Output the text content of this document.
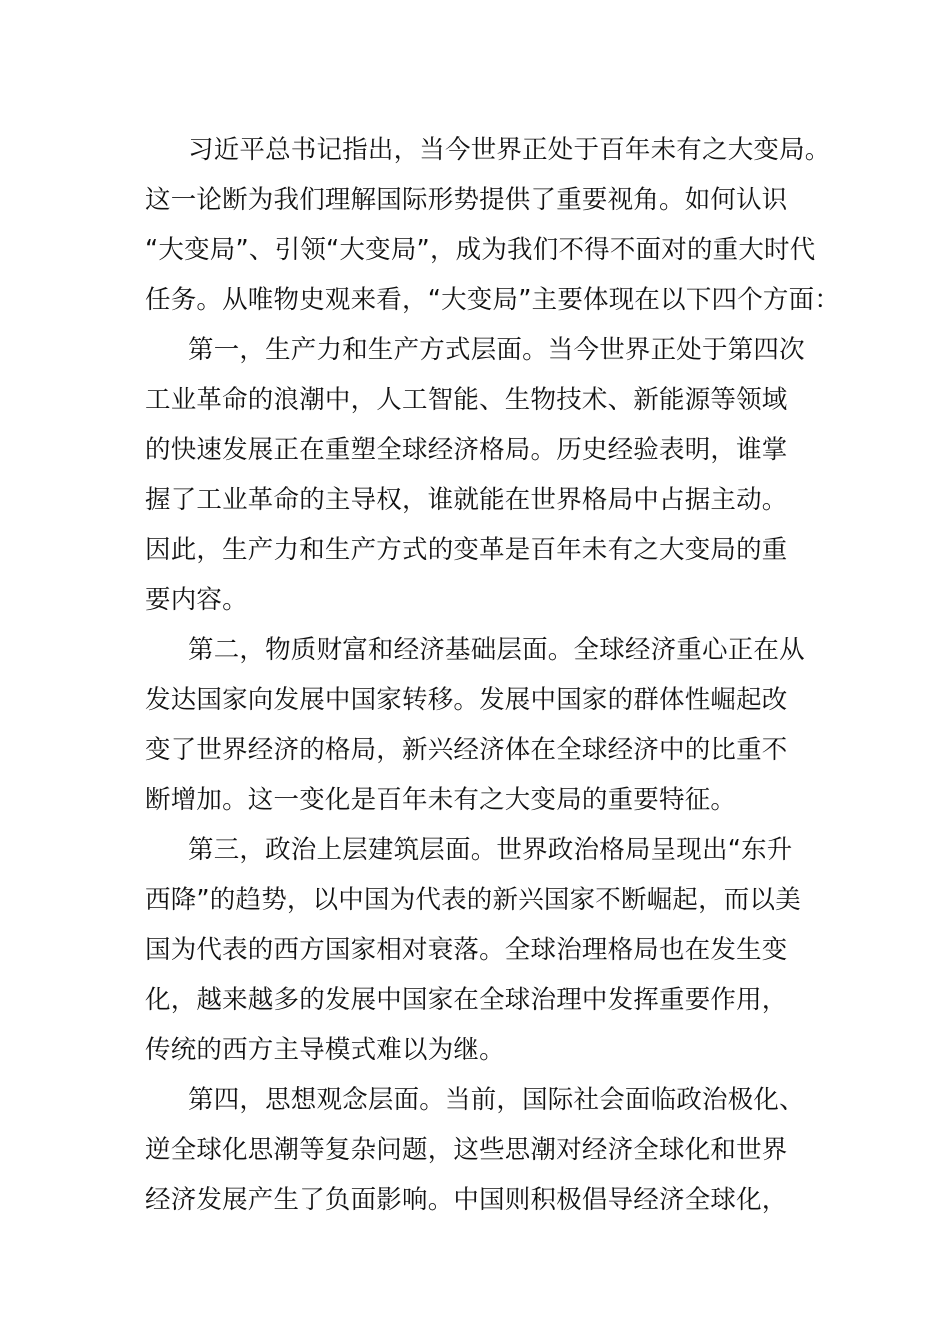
习近平总书记指出，当今世界正处于百年未有之大变局。
这一论断为我们理解国际形势提供了重要视角。如何认识
“大变局”、引领“大变局”，成为我们不得不面对的重大时代
任务。从唯物史观来看，“大变局”主要体现在以下四个方面：
第一，生产力和生产方式层面。当今世界正处于第四次
工业革命的浪潮中，人工智能、生物技术、新能源等领域
的快速发展正在重塑全球经济格局。历史经验表明，谁掌
握了工业革命的主导权，谁就能在世界格局中占据主动。
因此，生产力和生产方式的变革是百年未有之大变局的重
要内容。
第二，物质财富和经济基础层面。全球经济重心正在从
发达国家向发展中国家转移。发展中国家的群体性崛起改
变了世界经济的格局，新兴经济体在全球经济中的比重不
断增加。这一变化是百年未有之大变局的重要特征。
第三，政治上层建筑层面。世界政治格局呈现出“东升
西降”的趋势，以中国为代表的新兴国家不断崛起，而以美
国为代表的西方国家相对衰落。全球治理格局也在发生变
化，越来越多的发展中国家在全球治理中发挥重要作用，
传统的西方主导模式难以为继。
第四，思想观念层面。当前，国际社会面临政治极化、
逆全球化思潮等复杂问题，这些思潮对经济全球化和世界
经济发展产生了负面影响。中国则积极倡导经济全球化，
